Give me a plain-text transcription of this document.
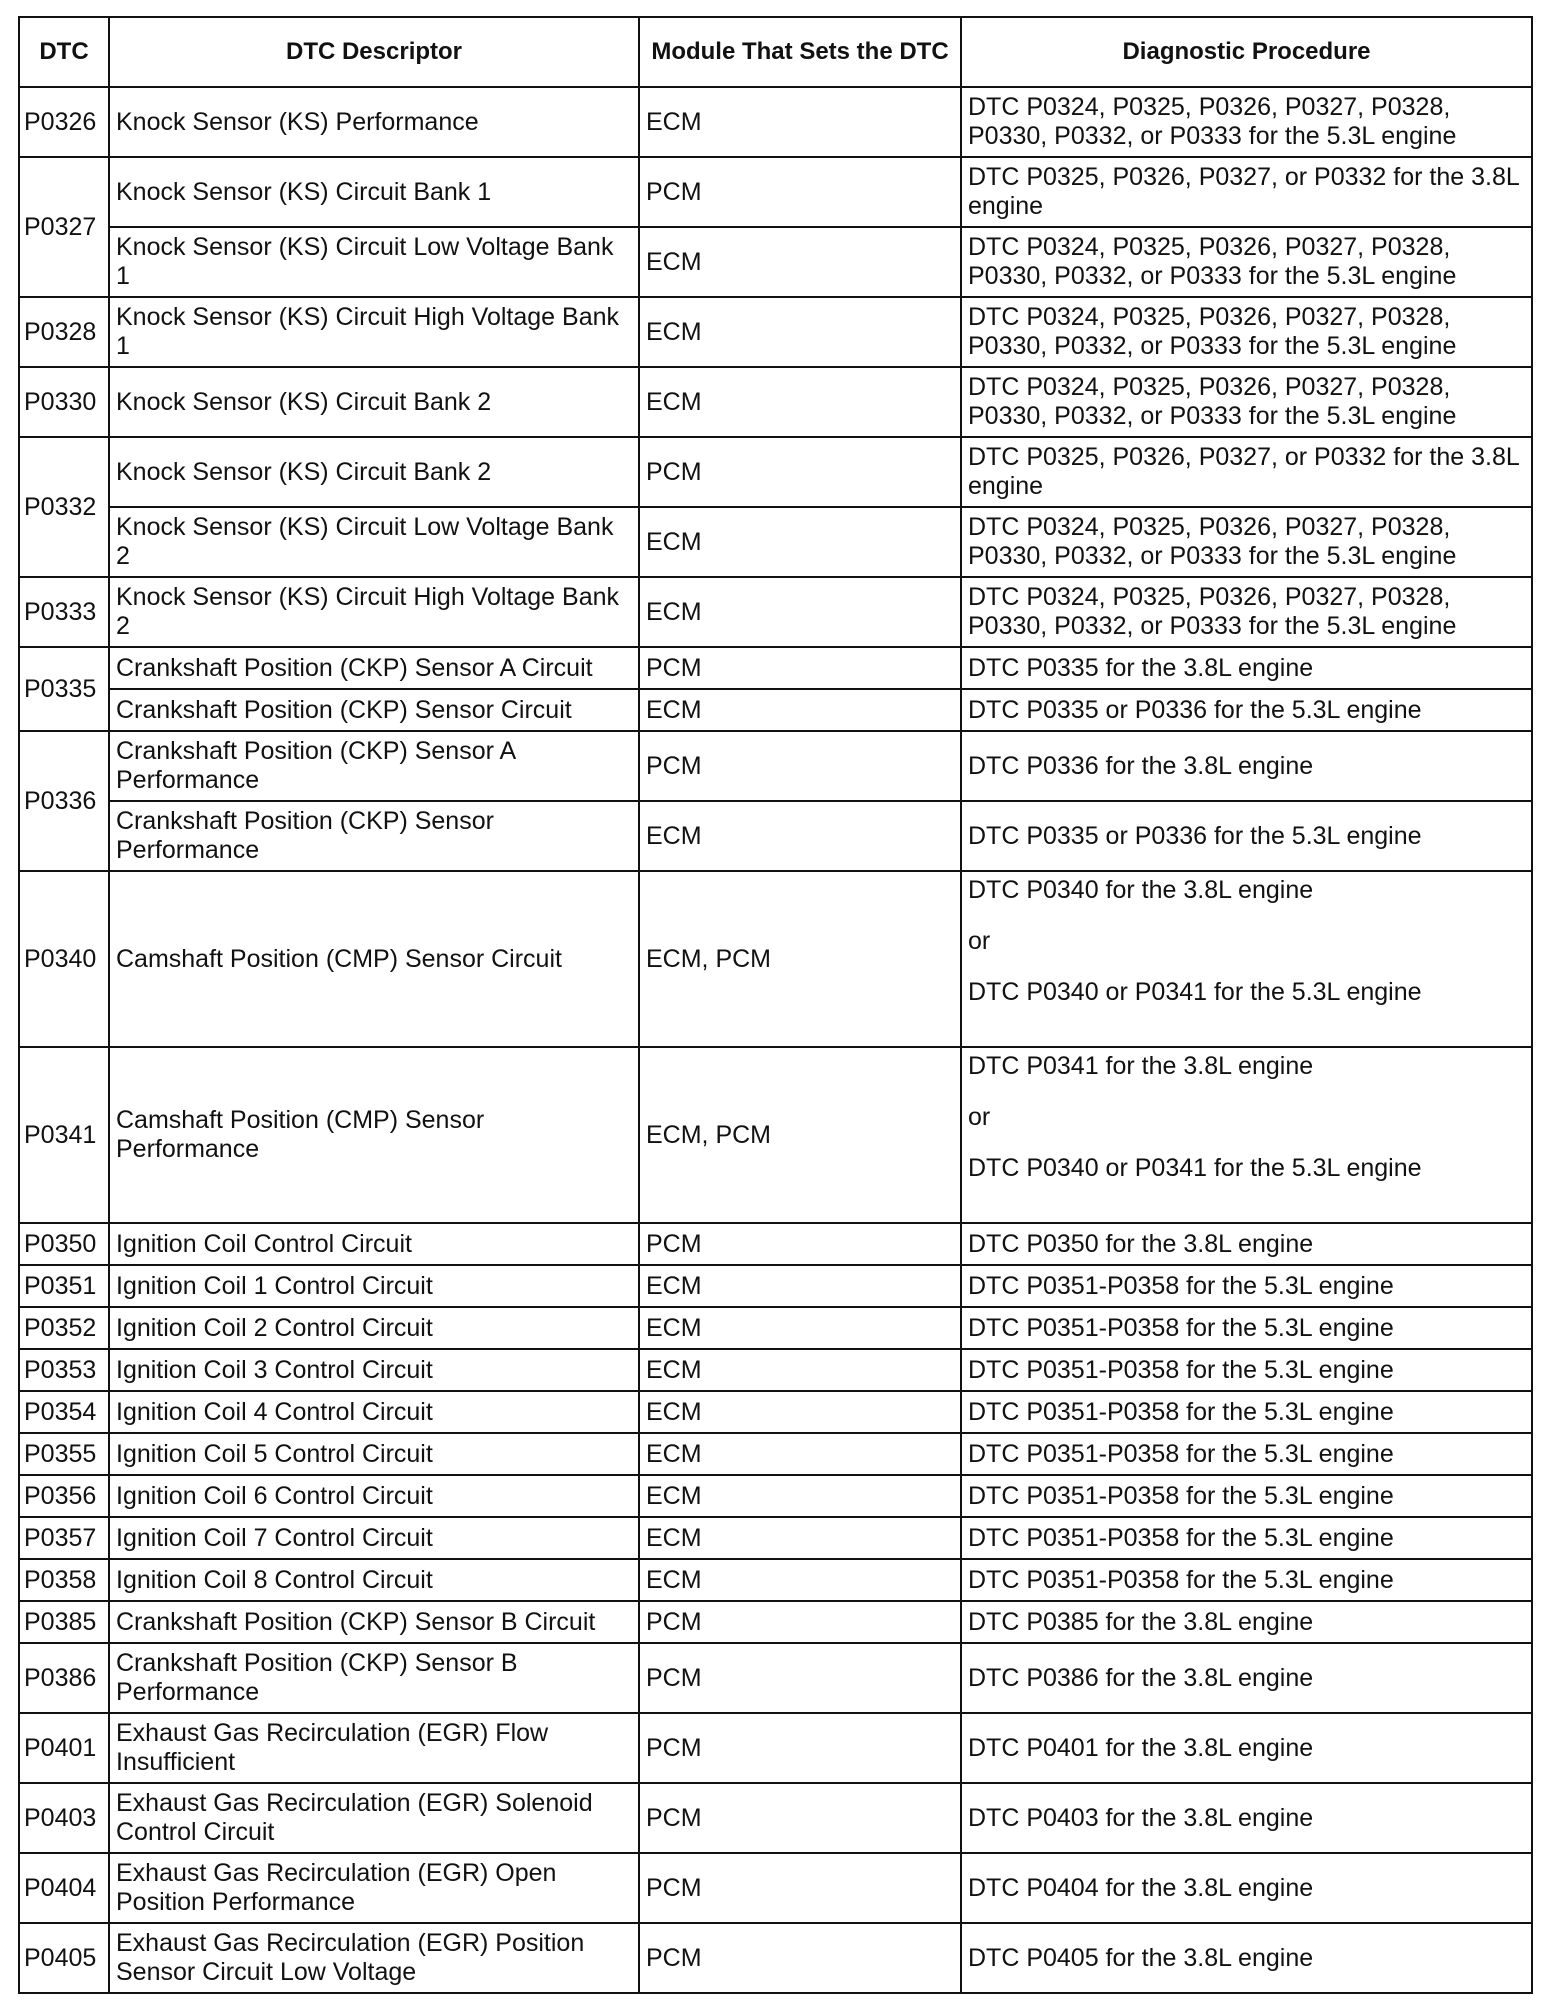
DTC	DTC Descriptor	Module That Sets the DTC	Diagnostic Procedure
P0326	Knock Sensor (KS) Performance	ECM	DTC P0324, P0325, P0326, P0327, P0328, P0330, P0332, or P0333 for the 5.3L engine

P0327	Knock Sensor (KS) Circuit Bank 1	PCM	DTC P0325, P0326, P0327, or P0332 for the 3.8L engine

	Knock Sensor (KS) Circuit Low Voltage Bank 1	ECM	DTC P0324, P0325, P0326, P0327, P0328, P0330, P0332, or P0333 for the 5.3L engine

P0328	Knock Sensor (KS) Circuit High Voltage Bank 1	ECM	DTC P0324, P0325, P0326, P0327, P0328, P0330, P0332, or P0333 for the 5.3L engine

P0330	Knock Sensor (KS) Circuit Bank 2	ECM	DTC P0324, P0325, P0326, P0327, P0328, P0330, P0332, or P0333 for the 5.3L engine

P0332	Knock Sensor (KS) Circuit Bank 2	PCM	DTC P0325, P0326, P0327, or P0332 for the 3.8L engine

	Knock Sensor (KS) Circuit Low Voltage Bank 2	ECM	DTC P0324, P0325, P0326, P0327, P0328, P0330, P0332, or P0333 for the 5.3L engine

P0333	Knock Sensor (KS) Circuit High Voltage Bank 2	ECM	DTC P0324, P0325, P0326, P0327, P0328, P0330, P0332, or P0333 for the 5.3L engine

P0335	Crankshaft Position (CKP) Sensor A Circuit	PCM	DTC P0335 for the 3.8L engine

	Crankshaft Position (CKP) Sensor Circuit	ECM	DTC P0335 or P0336 for the 5.3L engine

P0336	Crankshaft Position (CKP) Sensor A Performance	PCM	DTC P0336 for the 3.8L engine

	Crankshaft Position (CKP) Sensor Performance	ECM	DTC P0335 or P0336 for the 5.3L engine

P0340	Camshaft Position (CMP) Sensor Circuit	ECM, PCM	DTC P0340 for the 3.8L engine
or
DTC P0340 or P0341 for the 5.3L engine

P0341	Camshaft Position (CMP) Sensor Performance	ECM, PCM	DTC P0341 for the 3.8L engine
or
DTC P0340 or P0341 for the 5.3L engine

P0350	Ignition Coil Control Circuit	PCM	DTC P0350 for the 3.8L engine

P0351	Ignition Coil 1 Control Circuit	ECM	DTC P0351-P0358 for the 5.3L engine

P0352	Ignition Coil 2 Control Circuit	ECM	DTC P0351-P0358 for the 5.3L engine

P0353	Ignition Coil 3 Control Circuit	ECM	DTC P0351-P0358 for the 5.3L engine

P0354	Ignition Coil 4 Control Circuit	ECM	DTC P0351-P0358 for the 5.3L engine

P0355	Ignition Coil 5 Control Circuit	ECM	DTC P0351-P0358 for the 5.3L engine

P0356	Ignition Coil 6 Control Circuit	ECM	DTC P0351-P0358 for the 5.3L engine

P0357	Ignition Coil 7 Control Circuit	ECM	DTC P0351-P0358 for the 5.3L engine

P0358	Ignition Coil 8 Control Circuit	ECM	DTC P0351-P0358 for the 5.3L engine

P0385	Crankshaft Position (CKP) Sensor B Circuit	PCM	DTC P0385 for the 3.8L engine

P0386	Crankshaft Position (CKP) Sensor B Performance	PCM	DTC P0386 for the 3.8L engine

P0401	Exhaust Gas Recirculation (EGR) Flow Insufficient	PCM	DTC P0401 for the 3.8L engine

P0403	Exhaust Gas Recirculation (EGR) Solenoid Control Circuit	PCM	DTC P0403 for the 3.8L engine

P0404	Exhaust Gas Recirculation (EGR) Open Position Performance	PCM	DTC P0404 for the 3.8L engine

P0405	Exhaust Gas Recirculation (EGR) Position Sensor Circuit Low Voltage	PCM	DTC P0405 for the 3.8L engine
